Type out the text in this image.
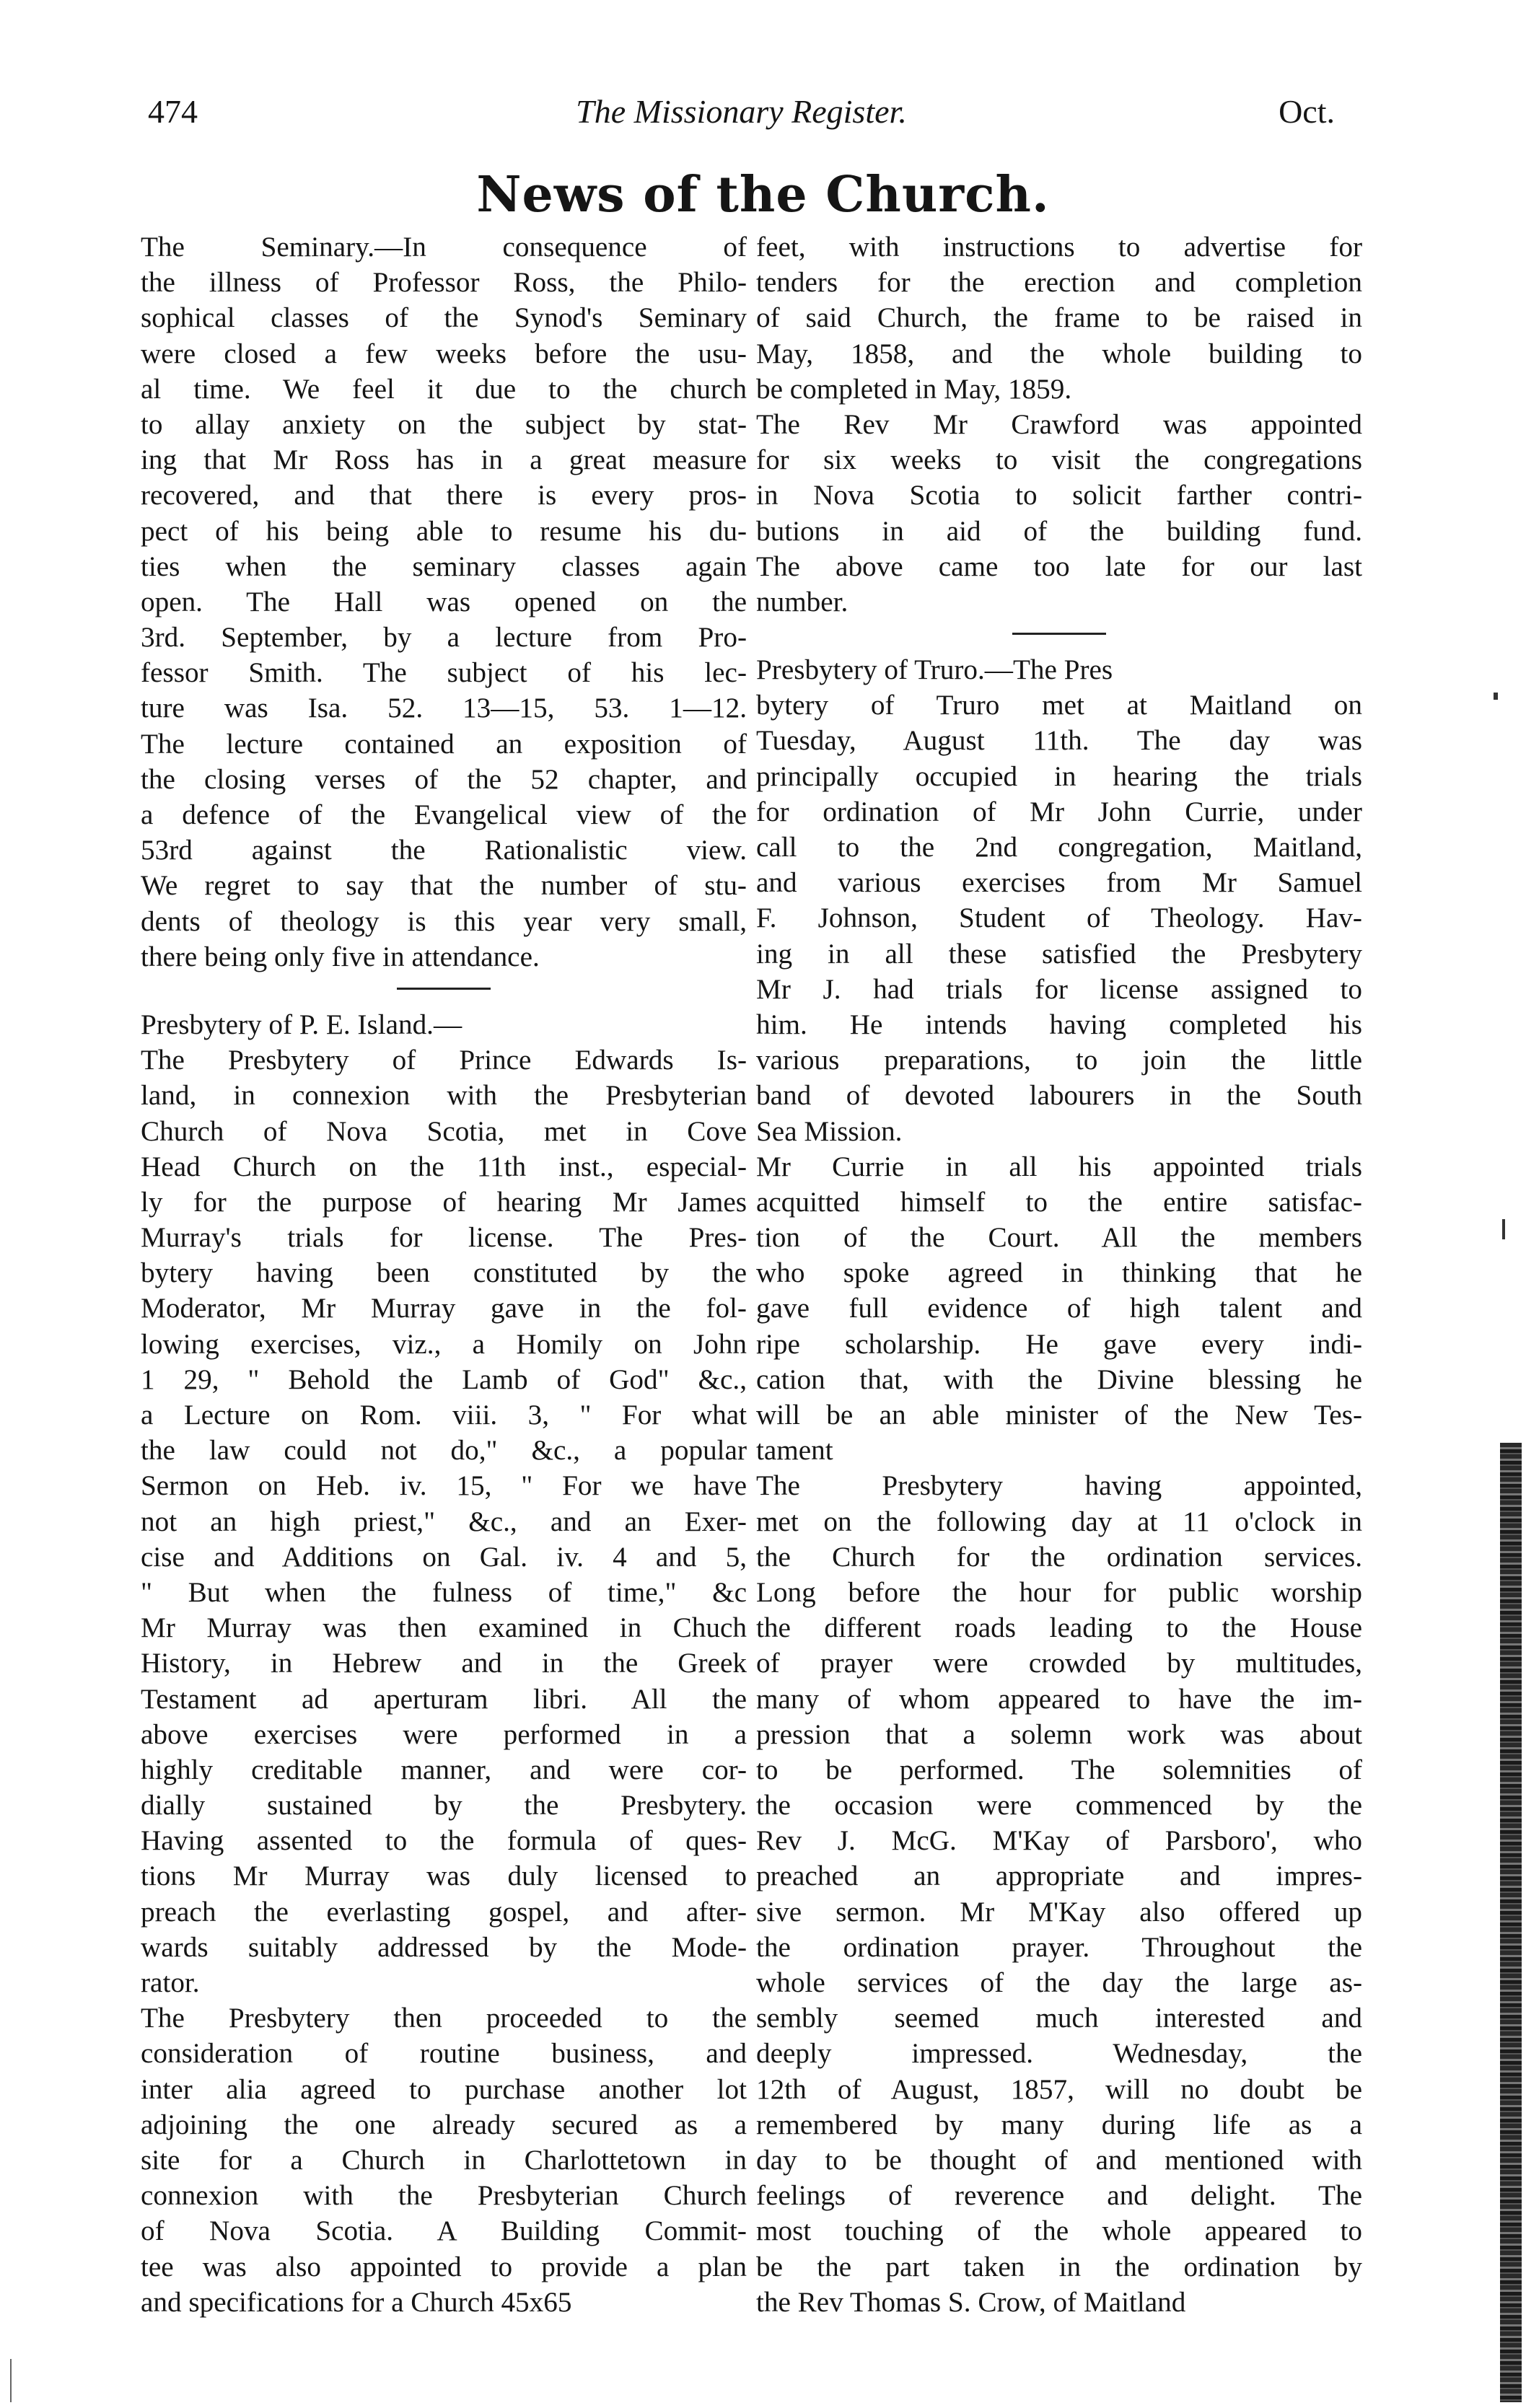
474	The Missionary Register.	Oct.
News of the Church.
The Seminary.—In consequence of
the illness of Professor Ross, the Philo-
sophical classes of the Synod's Seminary
were closed a few weeks before the usu-
al time. We feel it due to the church
to allay anxiety on the subject by stat-
ing that Mr Ross has in a great measure
recovered, and that there is every pros-
pect of his being able to resume his du-
ties when the seminary classes again
open. The Hall was opened on the
3rd. September, by a lecture from Pro-
fessor Smith. The subject of his lec-
ture was Isa. 52. 13—15, 53. 1—12.
The lecture contained an exposition of
the closing verses of the 52 chapter, and
a defence of the Evangelical view of the
53rd against the Rationalistic view.
We regret to say that the number of stu-
dents of theology is this year very small,
there being only five in attendance.
Presbytery of P. E. Island.—
The Presbytery of Prince Edwards Is-
land, in connexion with the Presbyterian
Church of Nova Scotia, met in Cove
Head Church on the 11th inst., especial-
ly for the purpose of hearing Mr James
Murray's trials for license. The Pres-
bytery having been constituted by the
Moderator, Mr Murray gave in the fol-
lowing exercises, viz., a Homily on John
1 29, " Behold the Lamb of God" &c.,
a Lecture on Rom. viii. 3, " For what
the law could not do," &c., a popular
Sermon on Heb. iv. 15, " For we have
not an high priest," &c., and an Exer-
cise and Additions on Gal. iv. 4 and 5,
" But when the fulness of time," &c
Mr Murray was then examined in Chuch
History, in Hebrew and in the Greek
Testament ad aperturam libri. All the
above exercises were performed in a
highly creditable manner, and were cor-
dially sustained by the Presbytery.
Having assented to the formula of ques-
tions Mr Murray was duly licensed to
preach the everlasting gospel, and after-
wards suitably addressed by the Mode-
rator.
The Presbytery then proceeded to the
consideration of routine business, and
inter alia agreed to purchase another lot
adjoining the one already secured as a
site for a Church in Charlottetown in
connexion with the Presbyterian Church
of Nova Scotia. A Building Commit-
tee was also appointed to provide a plan
and specifications for a Church 45x65
feet, with instructions to advertise for
tenders for the erection and completion
of said Church, the frame to be raised in
May, 1858, and the whole building to
be completed in May, 1859.
The Rev Mr Crawford was appointed
for six weeks to visit the congregations
in Nova Scotia to solicit farther contri-
butions in aid of the building fund.
The above came too late for our last
number.
Presbytery of Truro.—The Pres
bytery of Truro met at Maitland on
Tuesday, August 11th. The day was
principally occupied in hearing the trials
for ordination of Mr John Currie, under
call to the 2nd congregation, Maitland,
and various exercises from Mr Samuel
F. Johnson, Student of Theology. Hav-
ing in all these satisfied the Presbytery
Mr J. had trials for license assigned to
him. He intends having completed his
various preparations, to join the little
band of devoted labourers in the South
Sea Mission.
Mr Currie in all his appointed trials
acquitted himself to the entire satisfac-
tion of the Court. All the members
who spoke agreed in thinking that he
gave full evidence of high talent and
ripe scholarship. He gave every indi-
cation that, with the Divine blessing he
will be an able minister of the New Tes-
tament
The Presbytery having appointed,
met on the following day at 11 o'clock in
the Church for the ordination services.
Long before the hour for public worship
the different roads leading to the House
of prayer were crowded by multitudes,
many of whom appeared to have the im-
pression that a solemn work was about
to be performed. The solemnities of
the occasion were commenced by the
Rev J. McG. M'Kay of Parsboro', who
preached an appropriate and impres-
sive sermon. Mr M'Kay also offered up
the ordination prayer. Throughout the
whole services of the day the large as-
sembly seemed much interested and
deeply impressed. Wednesday, the
12th of August, 1857, will no doubt be
remembered by many during life as a
day to be thought of and mentioned with
feelings of reverence and delight. The
most touching of the whole appeared to
be the part taken in the ordination by
the Rev Thomas S. Crow, of Maitland
